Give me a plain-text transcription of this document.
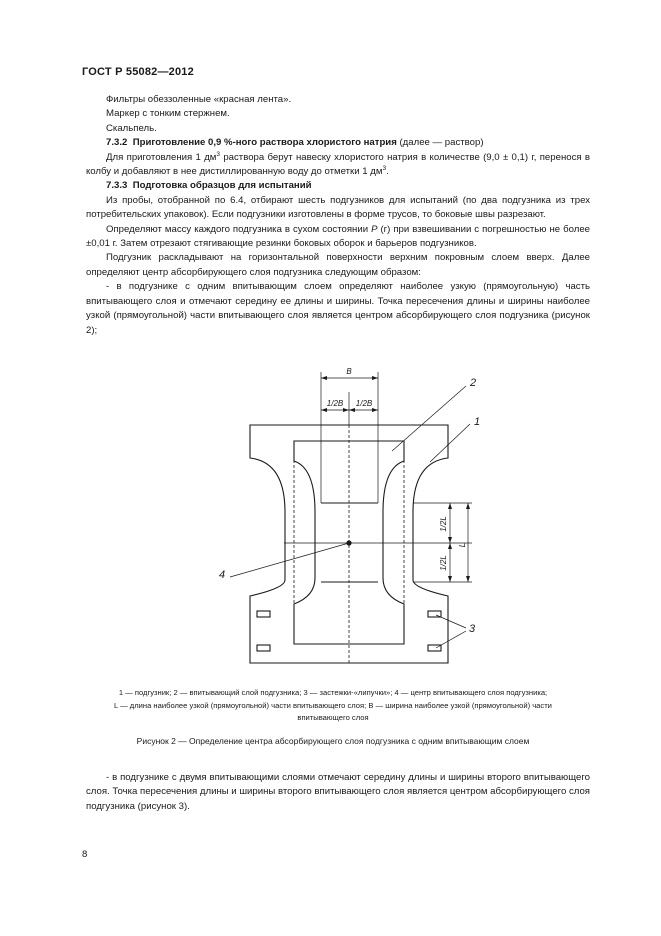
ГОСТ Р 55082—2012

Фильтры обеззоленные «красная лента».

Маркер с тонким стержнем.

Скальпель.

7.3.2 Приготовление 0,9 %-ного раствора хлористого натрия (далее — раствор)

Для приготовления 1 $дм^3$ раствора берут навеску хлористого натрия в количестве (9,0 ± 0,1) г, перенося в колбу и добавляют в нее дистиллированную воду до отметки 1 $дм^3$.

7.3.3 Подготовка образцов для испытаний

Из пробы, отобранной по 6.4, отбирают шесть подгузников для испытаний (по два подгузника из трех потребительских упаковок). Если подгузники изготовлены в форме трусов, то боковые швы разрезают.

Определяют массу каждого подгузника в сухом состоянии P (г) при взвешивании с погрешностью не более ±0,01 г. Затем отрезают стягивающие резинки боковых оборок и барьеров подгузников.

Подгузник раскладывают на горизонтальной поверхности верхним покровным слоем вверх. Далее определяют центр абсорбирующего слоя подгузника следующим образом:

- в подгузнике с одним впитывающим слоем определяют наиболее узкую (прямоугольную) часть впитывающего слоя и отмечают середину ее длины и ширины. Точка пересечения длины и ширины наиболее узкой (прямоугольной) части впитывающего слоя является центром абсорбирующего слоя подгузника (рисунок 2);

B
1/2B 1/2B
1/2L
1/2L
L
1
2
3
4
1 — подгузник; 2 — впитывающий слой подгузника; 3 — застежки-«липучки»; 4 — центр впитывающего слоя подгузника;
L — длина наиболее узкой (прямоугольной) части впитывающего слоя; B — ширина наиболее узкой (прямоугольной) части
впитывающего слоя
Рисунок 2 — Определение центра абсорбирующего слоя подгузника с одним впитывающим слоем

- в подгузнике с двумя впитывающими слоями отмечают середину длины и ширины второго впитывающего слоя. Точка пересечения длины и ширины второго впитывающего слоя является центром абсорбирующего слоя подгузника (рисунок 3).

8
